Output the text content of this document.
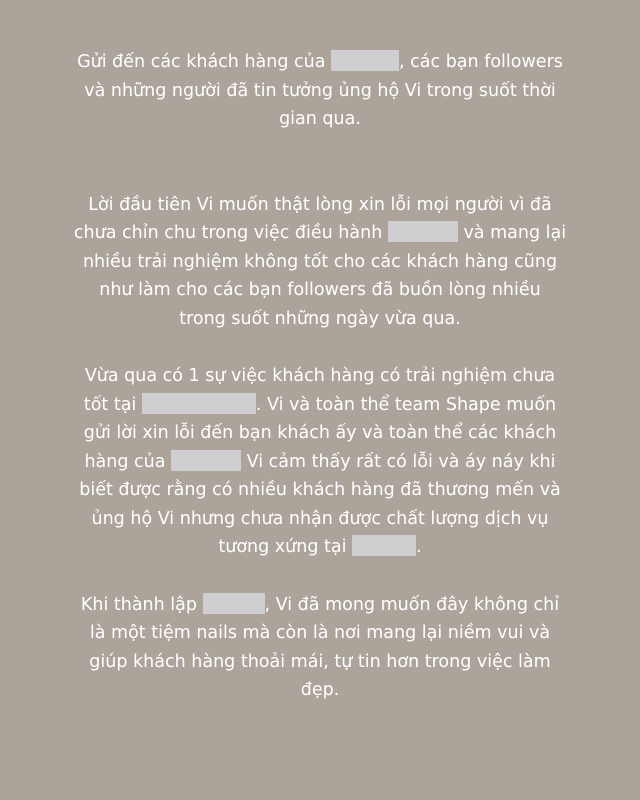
Gửi đến các khách hàng của	, các bạn followers
và những người đã tin tưởng ủng hộ Vi trong suốt thời
gian qua.

Lời đầu tiên Vi muốn thật lòng xin lỗi mọi người vì đã
chưa chỉn chu trong việc điều hành	và mang lại
nhiều trải nghiệm không tốt cho các khách hàng cũng
như làm cho các bạn followers đã buồn lòng nhiều
trong suốt những ngày vừa qua.

Vừa qua có 1 sự việc khách hàng có trải nghiệm chưa
tốt tại	. Vi và toàn thể team Shape muốn
gửi lời xin lỗi đến bạn khách ấy và toàn thể các khách
hàng của	Vi cảm thấy rất có lỗi và áy náy khi
biết được rằng có nhiều khách hàng đã thương mến và
ủng hộ Vi nhưng chưa nhận được chất lượng dịch vụ
tương xứng tại	.

Khi thành lập	, Vi đã mong muốn đây không chỉ
là một tiệm nails mà còn là nơi mang lại niềm vui và
giúp khách hàng thoải mái, tự tin hơn trong việc làm
đẹp.
